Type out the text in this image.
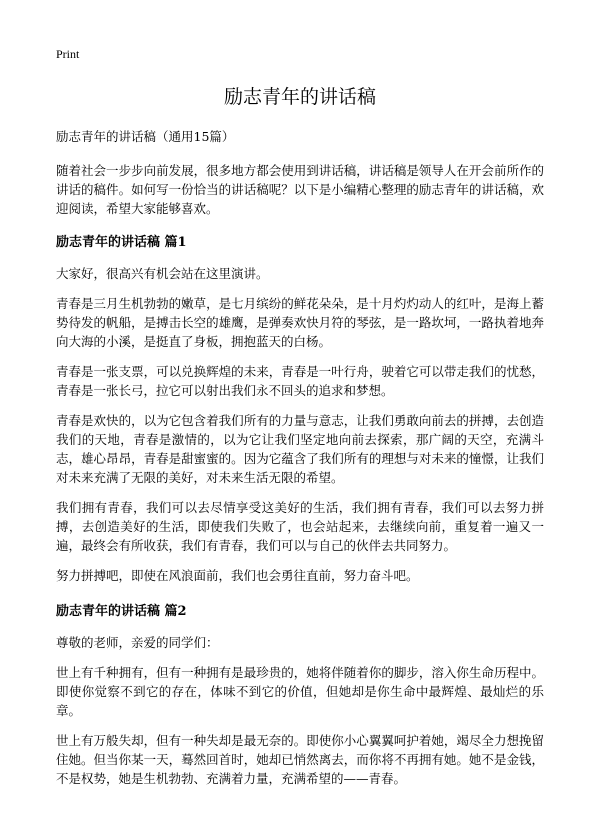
Print
励志青年的讲话稿
励志青年的讲话稿（通用15篇）

随着社会一步步向前发展，很多地方都会使用到讲话稿，讲话稿是领导人在开会前所作的讲话的稿件。如何写一份恰当的讲话稿呢？以下是小编精心整理的励志青年的讲话稿，欢迎阅读，希望大家能够喜欢。

励志青年的讲话稿 篇1

大家好，很高兴有机会站在这里演讲。

青春是三月生机勃勃的嫩草，是七月缤纷的鲜花朵朵，是十月灼灼动人的红叶，是海上蓄势待发的帆船，是搏击长空的雄鹰，是弹奏欢快月符的琴弦，是一路坎坷，一路执着地奔向大海的小溪，是挺直了身板，拥抱蓝天的白杨。

青春是一张支票，可以兑换辉煌的未来，青春是一叶行舟，驶着它可以带走我们的忧愁，青春是一张长弓，拉它可以射出我们永不回头的追求和梦想。

青春是欢快的，以为它包含着我们所有的力量与意志，让我们勇敢向前去的拼搏，去创造我们的天地，青春是激情的，以为它让我们坚定地向前去探索，那广阔的天空，充满斗志，雄心昂昂，青春是甜蜜蜜的。因为它蕴含了我们所有的理想与对未来的憧憬，让我们对未来充满了无限的美好，对未来生活无限的希望。

我们拥有青春，我们可以去尽情享受这美好的生活，我们拥有青春，我们可以去努力拼搏，去创造美好的生活，即使我们失败了，也会站起来，去继续向前，重复着一遍又一遍，最终会有所收获，我们有青春，我们可以与自己的伙伴去共同努力。

努力拼搏吧，即使在风浪面前，我们也会勇往直前，努力奋斗吧。

励志青年的讲话稿 篇2

尊敬的老师，亲爱的同学们：

世上有千种拥有，但有一种拥有是最珍贵的，她将伴随着你的脚步，溶入你生命历程中。即使你觉察不到它的存在，体味不到它的价值，但她却是你生命中最辉煌、最灿烂的乐章。

世上有万般失却，但有一种失却是最无奈的。即使你小心翼翼呵护着她，竭尽全力想挽留住她。但当你某一天，蓦然回首时，她却已悄然离去，而你将不再拥有她。她不是金钱，不是权势，她是生机勃勃、充满着力量，充满希望的——青春。
